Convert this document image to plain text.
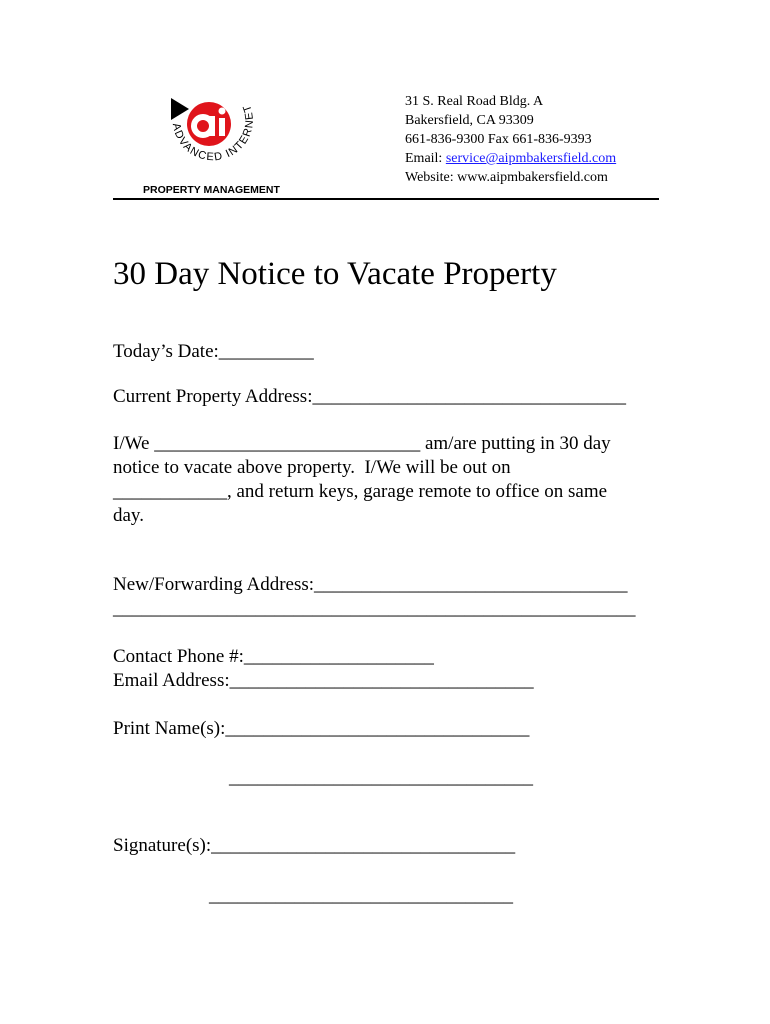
ADVANCED INTERNET
PROPERTY MANAGEMENT
31 S. Real Road Bldg. A
Bakersfield, CA 93309
661-836-9300 Fax 661-836-9393
Email: service@aipmbakersfield.com
Website: www.aipmbakersfield.com
30 Day Notice to Vacate Property
Today’s Date:__________
Current Property Address:_________________________________
I/We ____________________________ am/are putting in 30 day
notice to vacate above property.  I/We will be out on
____________, and return keys, garage remote to office on same
day.
New/Forwarding Address:_________________________________
_______________________________________________________
Contact Phone #:____________________
Email Address:________________________________
Print Name(s):________________________________
________________________________
Signature(s):________________________________
________________________________
